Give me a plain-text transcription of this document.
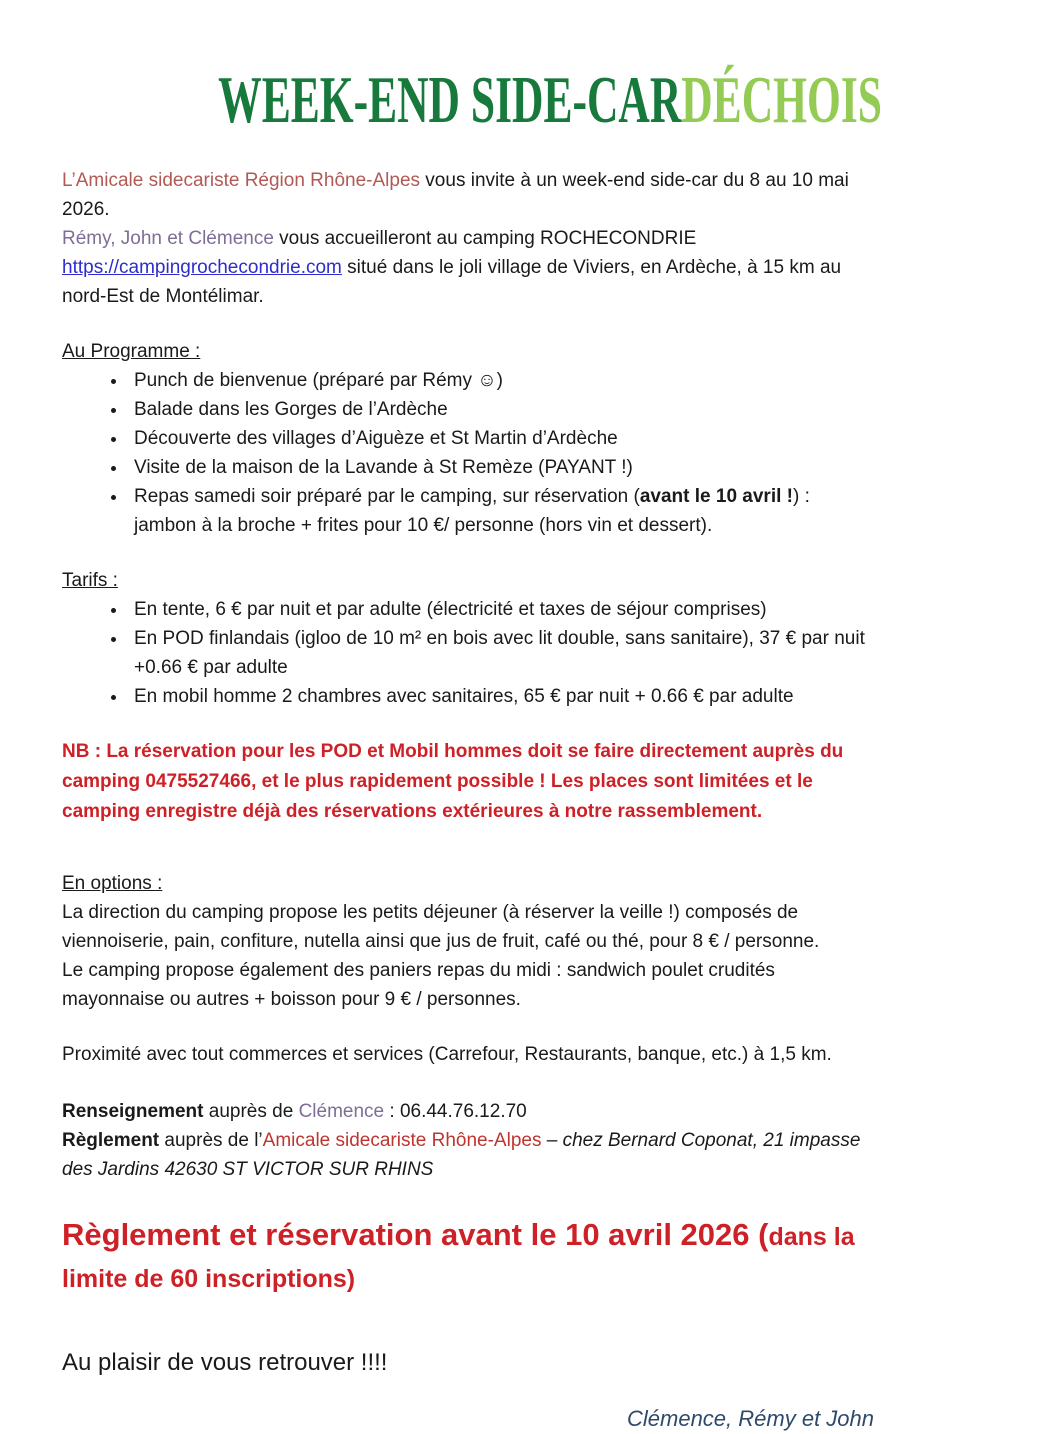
WEEK-END SIDE-CARDÉCHOIS

L’Amicale sidecariste Région Rhône-Alpes vous invite à un week-end side-car du 8 au 10 mai 2026.
Rémy, John et Clémence vous accueilleront au camping ROCHECONDRIE
https://campingrochecondrie.com situé dans le joli village de Viviers, en Ardèche, à 15 km au nord-Est de Montélimar.

Au Programme :
• Punch de bienvenue (préparé par Rémy ☺)
• Balade dans les Gorges de l’Ardèche
• Découverte des villages d’Aiguèze et St Martin d’Ardèche
• Visite de la maison de la Lavande à St Remèze (PAYANT !)
• Repas samedi soir préparé par le camping, sur réservation (avant le 10 avril !) : jambon à la broche + frites pour 10 €/ personne (hors vin et dessert).
Tarifs :
• En tente, 6 € par nuit et par adulte (électricité et taxes de séjour comprises)
• En POD finlandais (igloo de 10 m² en bois avec lit double, sans sanitaire), 37 € par nuit +0.66 € par adulte
• En mobil homme 2 chambres avec sanitaires, 65 € par nuit + 0.66 € par adulte

NB : La réservation pour les POD et Mobil hommes doit se faire directement auprès du camping 0475527466, et le plus rapidement possible ! Les places sont limitées et le camping enregistre déjà des réservations extérieures à notre rassemblement.

En options :

La direction du camping propose les petits déjeuner (à réserver la veille !) composés de viennoiserie, pain, confiture, nutella ainsi que jus de fruit, café ou thé, pour 8 € / personne.

Le camping propose également des paniers repas du midi : sandwich poulet crudités mayonnaise ou autres + boisson pour 9 € / personnes.

Proximité avec tout commerces et services (Carrefour, Restaurants, banque, etc.) à 1,5 km.

Renseignement auprès de Clémence : 06.44.76.12.70
Règlement auprès de l’Amicale sidecariste Rhône-Alpes – chez Bernard Coponat, 21 impasse des Jardins 42630 ST VICTOR SUR RHINS

Règlement et réservation avant le 10 avril 2026 (dans la
limite de 60 inscriptions)

Au plaisir de vous retrouver !!!!

Clémence, Rémy et John
